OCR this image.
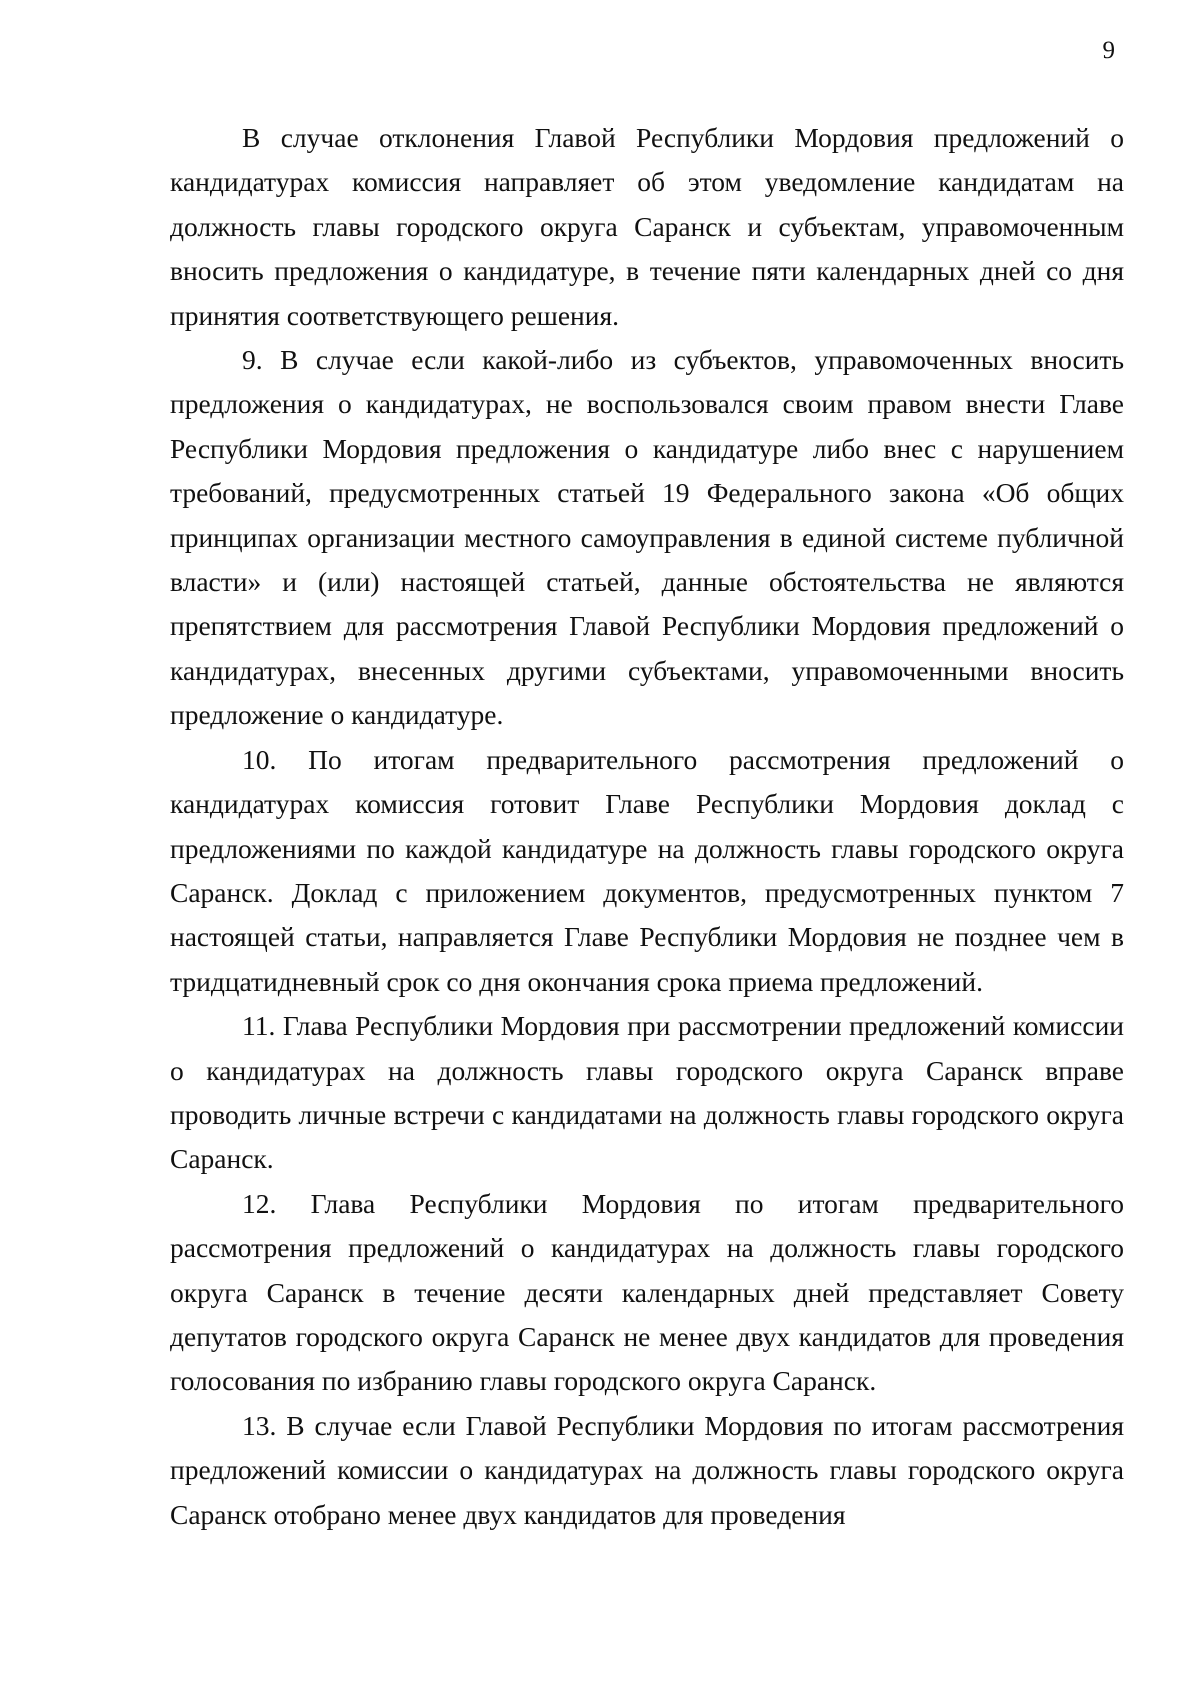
9

В случае отклонения Главой Республики Мордовия предложений о кандидатурах комиссия направляет об этом уведомление кандидатам на должность главы городского округа Саранск и субъектам, управомоченным вносить предложения о кандидатуре, в течение пяти календарных дней со дня принятия соответствующего решения.

9. В случае если какой-либо из субъектов, управомоченных вносить предложения о кандидатурах, не воспользовался своим правом внести Главе Республики Мордовия предложения о кандидатуре либо внес с нарушением требований, предусмотренных статьей 19 Федерального закона «Об общих принципах организации местного самоуправления в единой системе публичной власти» и (или) настоящей статьей, данные обстоятельства не являются препятствием для рассмотрения Главой Республики Мордовия предложений о кандидатурах, внесенных другими субъектами, управомоченными вносить предложение о кандидатуре.

10. По итогам предварительного рассмотрения предложений о кандидатурах комиссия готовит Главе Республики Мордовия доклад с предложениями по каждой кандидатуре на должность главы городского округа Саранск. Доклад с приложением документов, предусмотренных пунктом 7 настоящей статьи, направляется Главе Республики Мордовия не позднее чем в тридцатидневный срок со дня окончания срока приема предложений.

11. Глава Республики Мордовия при рассмотрении предложений комиссии о кандидатурах на должность главы городского округа Саранск вправе проводить личные встречи с кандидатами на должность главы городского округа Саранск.

12. Глава Республики Мордовия по итогам предварительного рассмотрения предложений о кандидатурах на должность главы городского округа Саранск в течение десяти календарных дней представляет Совету депутатов городского округа Саранск не менее двух кандидатов для проведения голосования по избранию главы городского округа Саранск.

13. В случае если Главой Республики Мордовия по итогам рассмотрения предложений комиссии о кандидатурах на должность главы городского округа Саранск отобрано менее двух кандидатов для проведения
